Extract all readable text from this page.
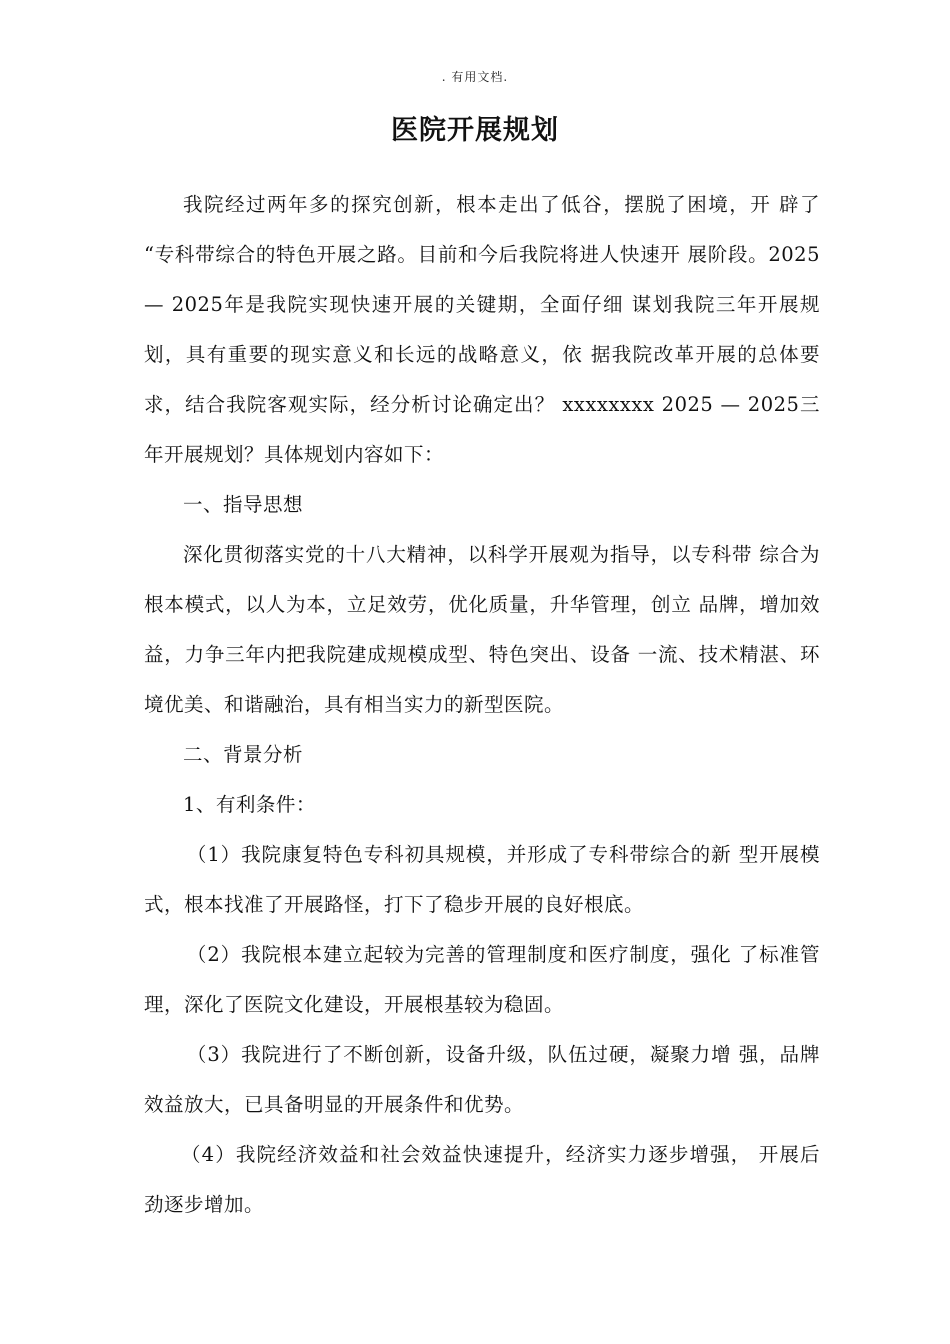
. 有用文档.
医院开展规划

我院经过两年多的探究创新，根本走出了低谷，摆脱了困境，开 辟了 “专科带综合的特色开展之路。目前和今后我院将进人快速开 展阶段。2025 — 2025年是我院实现快速开展的关键期，全面仔细 谋划我院三年开展规划，具有重要的现实意义和长远的战略意义，依 据我院改革开展的总体要求，结合我院客观实际，经分析讨论确定出？ xxxxxxxx 2025 — 2025三年开展规划？具体规划内容如下：

一、指导思想

深化贯彻落实党的十八大精神，以科学开展观为指导，以专科带 综合为根本模式，以人为本，立足效劳，优化质量，升华管理，创立 品牌，增加效益，力争三年内把我院建成规模成型、特色突出、设备 一流、技术精湛、环境优美、和谐融治，具有相当实力的新型医院。

二、背景分析

1、有利条件：

（1）我院康复特色专科初具规模，并形成了专科带综合的新 型开展模式，根本找准了开展路怪，打下了稳步开展的良好根底。

（2）我院根本建立起较为完善的管理制度和医疗制度，强化 了标准管理，深化了医院文化建设，开展根基较为稳固。

（3）我院进行了不断创新，设备升级，队伍过硬，凝聚力增 强，品牌效益放大，已具备明显的开展条件和优势。

（4）我院经济效益和社会效益快速提升，经济实力逐步增强， 开展后劲逐步增加。
